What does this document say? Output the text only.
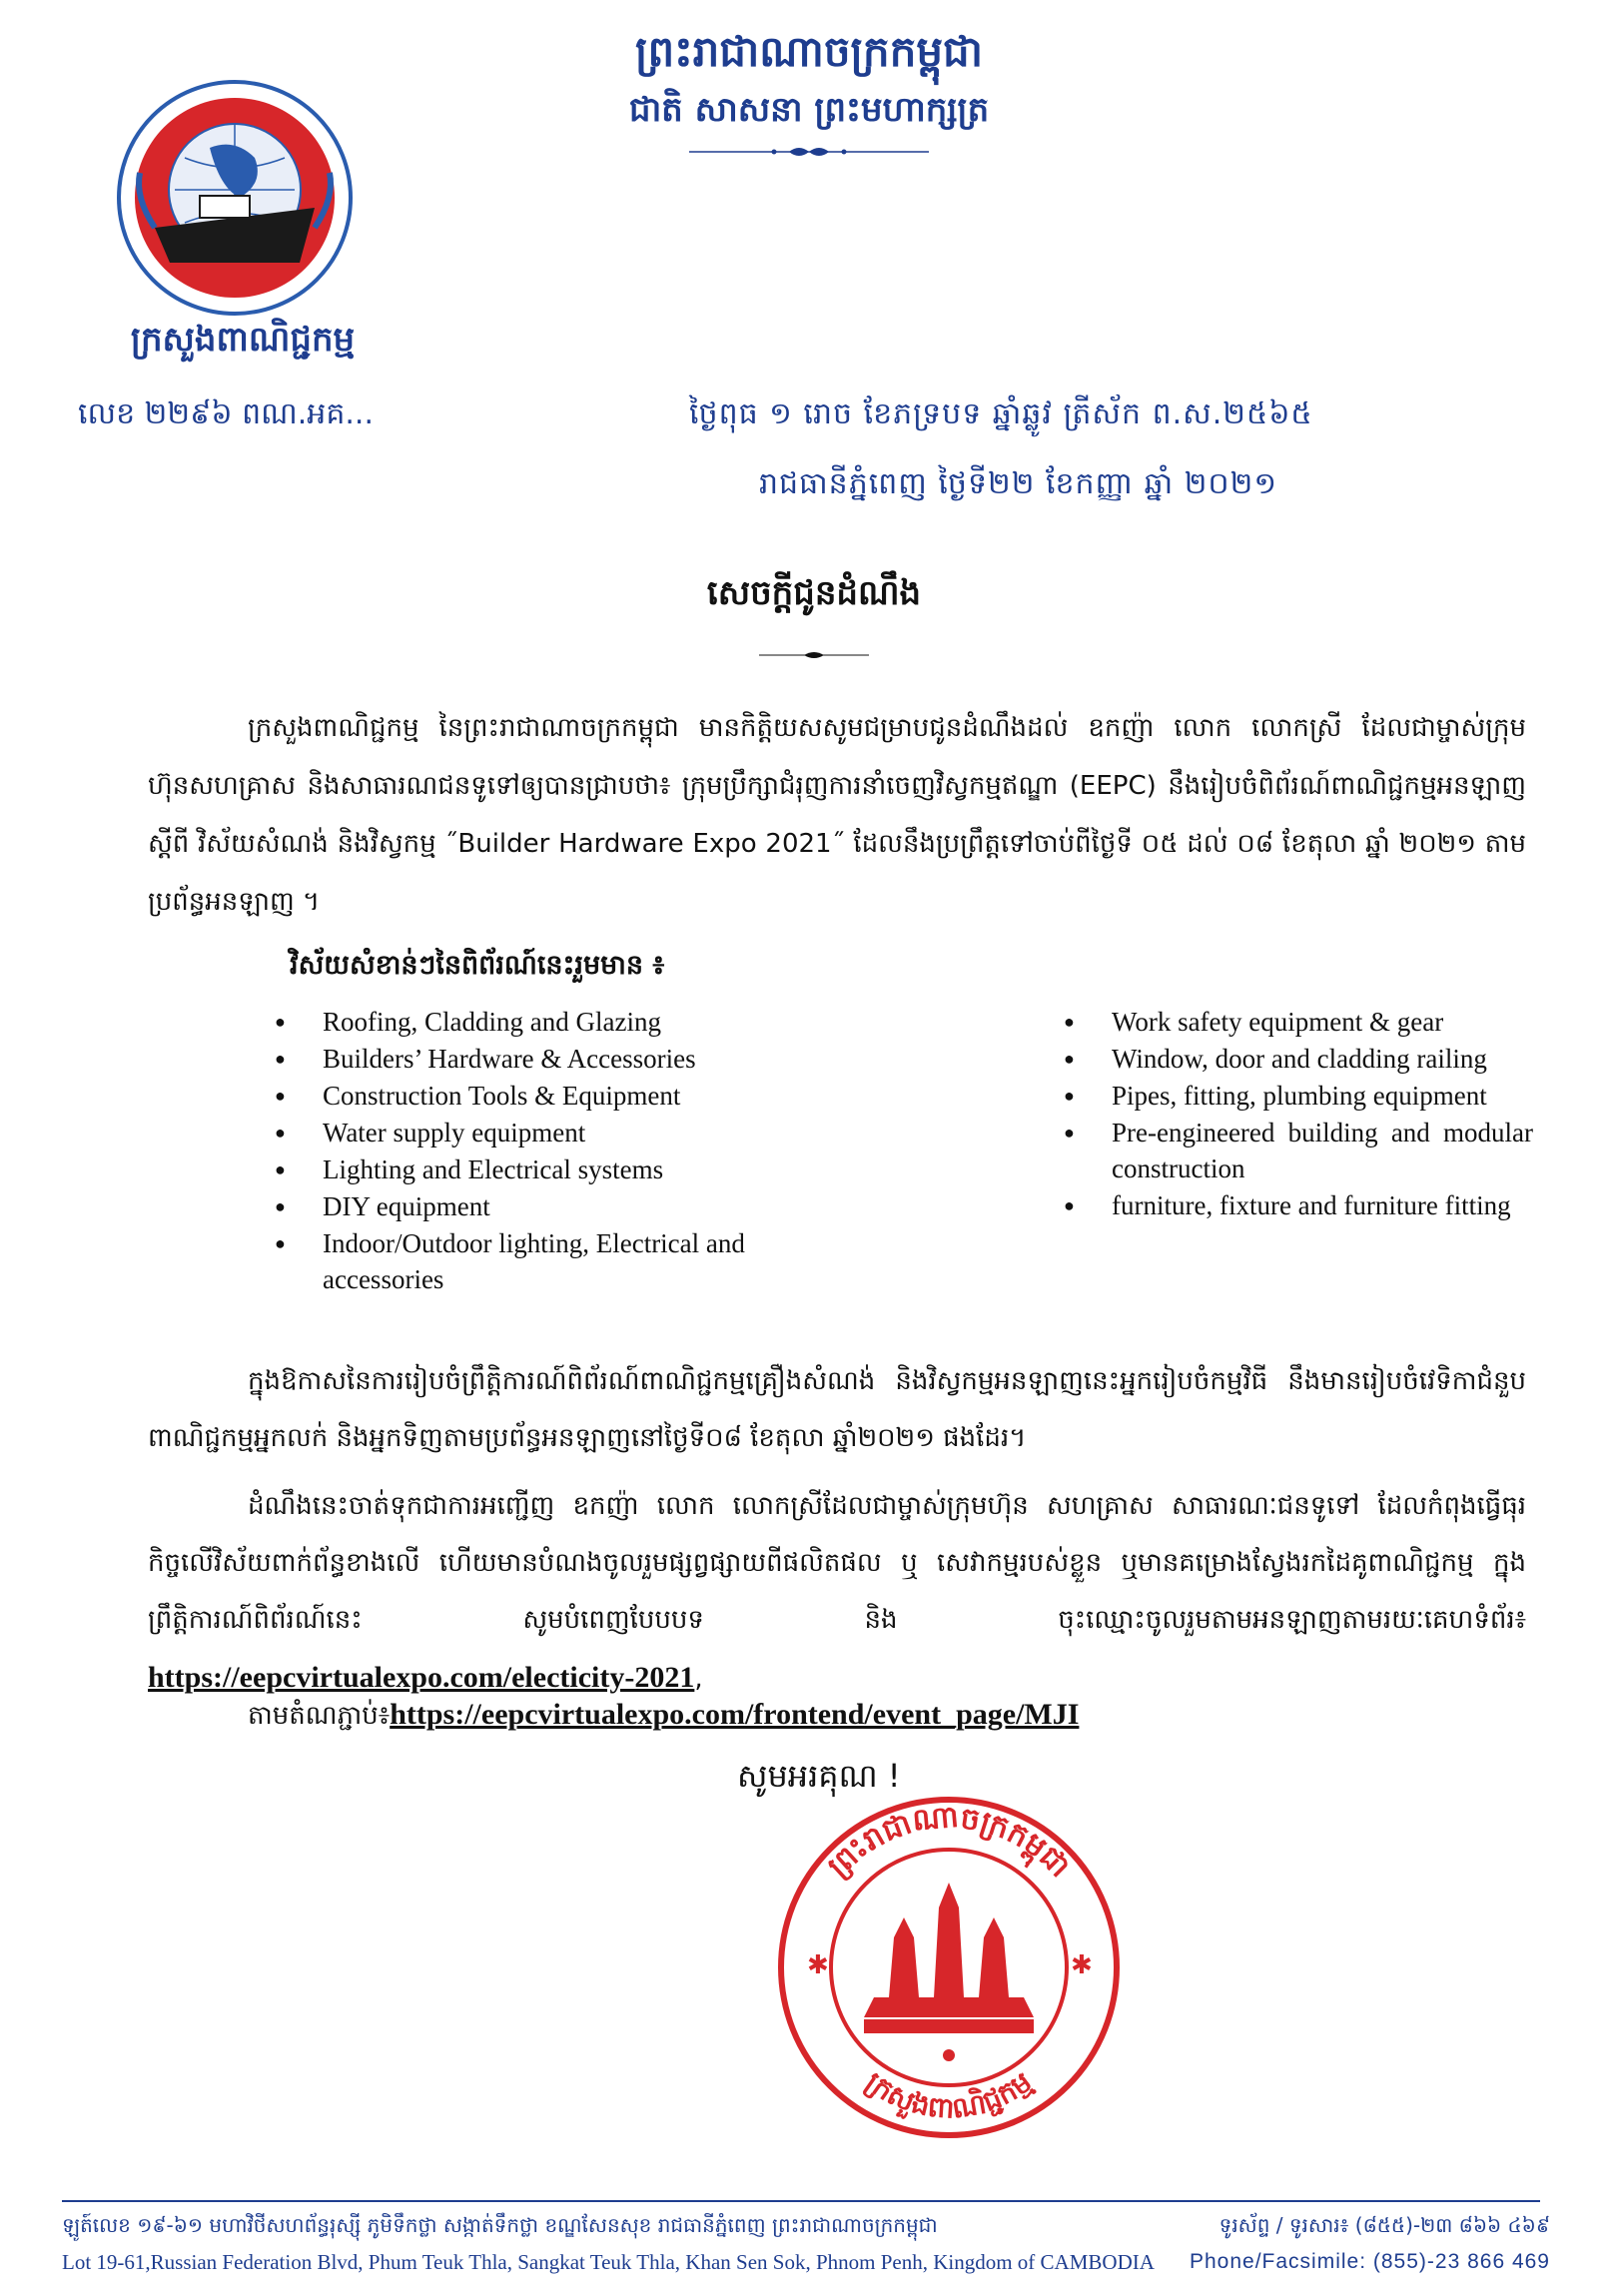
ព្រះរាជាណាចក្រកម្ពុជា
ជាតិ សាសនា ព្រះមហាក្សត្រ
ក្រសួងពាណិជ្ជកម្ម
លេខ ២២៩៦ ពណ.អគ...	ថ្ងៃពុធ ១ រោច ខែភទ្របទ ឆ្នាំឆ្លូវ ត្រីស័ក ព.ស.២៥៦៥
រាជធានីភ្នំពេញ ថ្ងៃទី២២ ខែកញ្ញា ឆ្នាំ ២០២១
សេចក្តីជូនដំណឹង
ក្រសួងពាណិជ្ជកម្ម នៃព្រះរាជាណាចក្រកម្ពុជា មានកិត្តិយសសូមជម្រាបជូនដំណឹងដល់ ឧកញ៉ា លោក លោកស្រី ដែលជាម្ចាស់ក្រុមហ៊ុនសហគ្រាស និងសាធារណជនទូទៅឲ្យបានជ្រាបថា៖ ក្រុមប្រឹក្សាជំរុញការនាំចេញវិស្វកម្មឥណ្ឌា (EEPC) នឹងរៀបចំពិព័រណ៍ពាណិជ្ជកម្មអនឡាញ ស្តីពី វិស័យសំណង់ និងវិស្វកម្ម ˝Builder Hardware Expo 2021˝ ដែលនឹងប្រព្រឹត្តទៅចាប់ពីថ្ងៃទី ០៥ ដល់ ០៨ ខែតុលា ឆ្នាំ ២០២១ តាមប្រព័ន្ធអនឡាញ ។
វិស័យសំខាន់ៗនៃពិព័រណ៍នេះរួមមាន ៖
● Roofing, Cladding and Glazing
● Builders’ Hardware & Accessories
● Construction Tools & Equipment
● Water supply equipment
● Lighting and Electrical systems
● DIY equipment
● Indoor/Outdoor lighting, Electrical and accessories
● Work safety equipment & gear
● Window, door and cladding railing
● Pipes, fitting, plumbing equipment
● Pre-engineered building and modular construction
● furniture, fixture and furniture fitting
ក្នុងឱកាសនៃការរៀបចំព្រឹត្តិការណ៍ពិព័រណ៍ពាណិជ្ជកម្មគ្រឿងសំណង់ និងវិស្វកម្មអនឡាញនេះអ្នករៀបចំកម្មវិធី នឹងមានរៀបចំវេទិកាជំនួបពាណិជ្ជកម្មអ្នកលក់ និងអ្នកទិញតាមប្រព័ន្ធអនឡាញនៅថ្ងៃទី០៨ ខែតុលា ឆ្នាំ២០២១ ផងដែរ។
ដំណឹងនេះចាត់ទុកជាការអញ្ជើញ ឧកញ៉ា លោក លោកស្រីដែលជាម្ចាស់ក្រុមហ៊ុន សហគ្រាស សាធារណៈជនទូទៅ ដែលកំពុងធ្វើធុរកិច្ចលើវិស័យពាក់ព័ន្ធខាងលើ ហើយមានបំណងចូលរួមផ្សព្វផ្សាយពីផលិតផល ឬ សេវាកម្មរបស់ខ្លួន ឬមានគម្រោងស្វែងរកដៃគូពាណិជ្ជកម្ម ក្នុងព្រឹត្តិការណ៍ពិព័រណ៍នេះ សូមបំពេញបែបបទ និង ចុះឈ្មោះចូលរួមតាមអនឡាញតាមរយៈគេហទំព័រ៖https://eepcvirtualexpo.com/electicity-2021,
តាមតំណភ្ជាប់៖https://eepcvirtualexpo.com/frontend/event_page/MJI
សូមអរគុណ !
✱	✱
ព្រះរាជាណាចក្រកម្ពុជា
ក្រសួងពាណិជ្ជកម្ម
ឡូត៍លេខ ១៩-៦១ មហាវិថីសហព័ន្ធរុស្ស៊ី ភូមិទឹកថ្លា សង្កាត់ទឹកថ្លា ខណ្ឌសែនសុខ រាជធានីភ្នំពេញ ព្រះរាជាណាចក្រកម្ពុជា	ទូរស័ព្ទ / ទូរសារ៖ (៨៥៥)-២៣ ៨៦៦ ៤៦៩
Lot 19-61,Russian Federation Blvd, Phum Teuk Thla, Sangkat Teuk Thla, Khan Sen Sok, Phnom Penh, Kingdom of CAMBODIA Phone/Facsimile: (855)-23 866 469
